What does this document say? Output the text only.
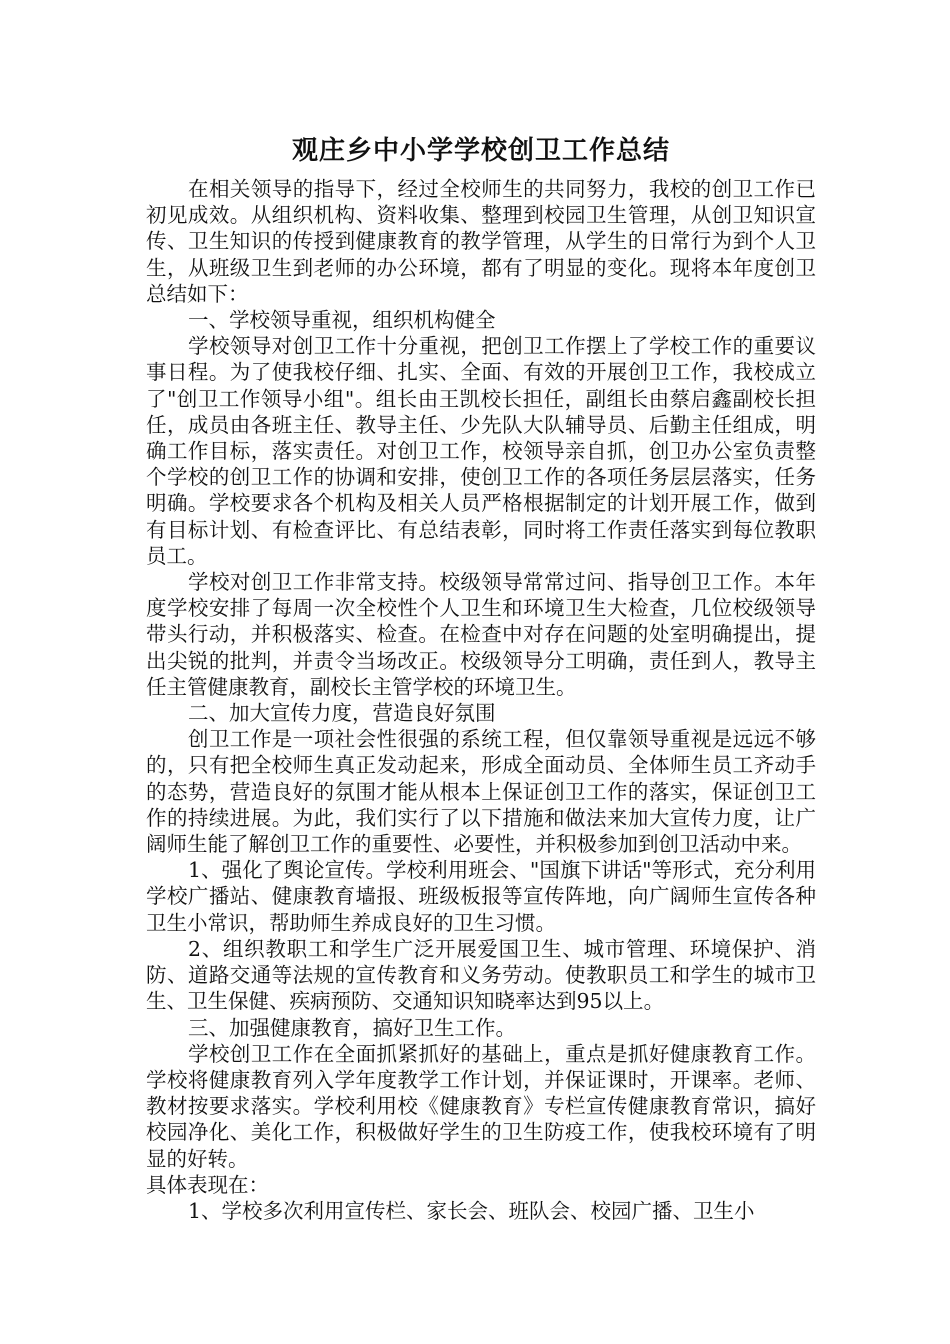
观庄乡中小学学校创卫工作总结

在相关领导的指导下，经过全校师生的共同努力，我校的创卫工作已初见成效。从组织机构、资料收集、整理到校园卫生管理，从创卫知识宣传、卫生知识的传授到健康教育的教学管理，从学生的日常行为到个人卫生，从班级卫生到老师的办公环境，都有了明显的变化。现将本年度创卫总结如下：

一、学校领导重视，组织机构健全

学校领导对创卫工作十分重视，把创卫工作摆上了学校工作的重要议事日程。为了使我校仔细、扎实、全面、有效的开展创卫工作，我校成立了"创卫工作领导小组"。组长由王凯校长担任，副组长由蔡启鑫副校长担任，成员由各班主任、教导主任、少先队大队辅导员、后勤主任组成，明确工作目标，落实责任。对创卫工作，校领导亲自抓，创卫办公室负责整个学校的创卫工作的协调和安排，使创卫工作的各项任务层层落实，任务明确。学校要求各个机构及相关人员严格根据制定的计划开展工作，做到有目标计划、有检查评比、有总结表彰，同时将工作责任落实到每位教职员工。

学校对创卫工作非常支持。校级领导常常过问、指导创卫工作。本年度学校安排了每周一次全校性个人卫生和环境卫生大检查，几位校级领导带头行动，并积极落实、检查。在检查中对存在问题的处室明确提出，提出尖锐的批判，并责令当场改正。校级领导分工明确，责任到人，教导主任主管健康教育，副校长主管学校的环境卫生。

二、加大宣传力度，营造良好氛围

创卫工作是一项社会性很强的系统工程，但仅靠领导重视是远远不够的，只有把全校师生真正发动起来，形成全面动员、全体师生员工齐动手的态势，营造良好的氛围才能从根本上保证创卫工作的落实，保证创卫工作的持续进展。为此，我们实行了以下措施和做法来加大宣传力度，让广阔师生能了解创卫工作的重要性、必要性，并积极参加到创卫活动中来。

1、强化了舆论宣传。学校利用班会、"国旗下讲话"等形式，充分利用学校广播站、健康教育墙报、班级板报等宣传阵地，向广阔师生宣传各种卫生小常识，帮助师生养成良好的卫生习惯。

2、组织教职工和学生广泛开展爱国卫生、城市管理、环境保护、消防、道路交通等法规的宣传教育和义务劳动。使教职员工和学生的城市卫生、卫生保健、疾病预防、交通知识知晓率达到95以上。

三、加强健康教育，搞好卫生工作。

学校创卫工作在全面抓紧抓好的基础上，重点是抓好健康教育工作。学校将健康教育列入学年度教学工作计划，并保证课时，开课率。老师、教材按要求落实。学校利用校《健康教育》专栏宣传健康教育常识，搞好校园净化、美化工作，积极做好学生的卫生防疫工作，使我校环境有了明显的好转。

具体表现在：

1、学校多次利用宣传栏、家长会、班队会、校园广播、卫生小
